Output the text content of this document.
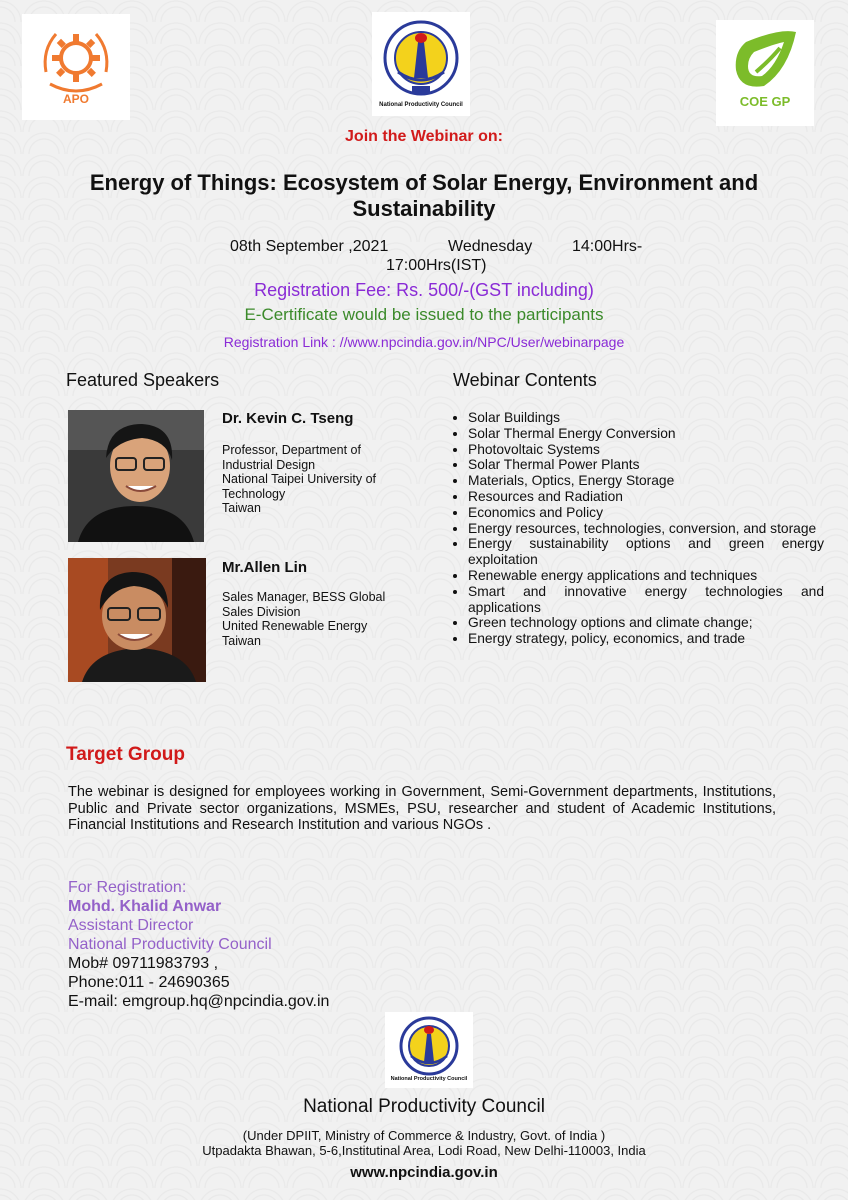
APO	National Productivity Council	COE GP
Join the Webinar on:
Energy of Things: Ecosystem of Solar Energy, Environment and Sustainability
08th September ,2021	Wednesday 14:00Hrs-
17:00Hrs(IST)
Registration Fee: Rs. 500/-(GST including)
E-Certificate would be issued to the participants
Registration Link : //www.npcindia.gov.in/NPC/User/webinarpage
Featured Speakers	Webinar Contents
Dr. Kevin C. Tseng
Professor, Department of
Industrial Design
National Taipei University of
Technology
Taiwan
Mr.Allen Lin
Sales Manager, BESS Global
Sales Division
United Renewable Energy
Taiwan
• Solar Buildings
• Solar Thermal Energy Conversion
• Photovoltaic Systems
• Solar Thermal Power Plants
• Materials, Optics, Energy Storage
• Resources and Radiation
• Economics and Policy
• Energy resources, technologies, conversion, and storage
• Energy sustainability options and green energy exploitation
• Renewable energy applications and techniques
• Smart and innovative energy technologies and applications
• Green technology options and climate change;
• Energy strategy, policy, economics, and trade
Target Group
The webinar is designed for employees working in Government, Semi-Government departments, Institutions, Public and Private sector organizations, MSMEs, PSU, researcher and student of Academic Institutions, Financial Institutions and Research Institution and various NGOs .
For Registration:
Mohd. Khalid Anwar
Assistant Director
National Productivity Council
Mob# 09711983793 ,
Phone:011 - 24690365
E-mail: emgroup.hq@npcindia.gov.in
National Productivity Council
National Productivity Council
(Under DPIIT, Ministry of Commerce & Industry, Govt. of India )
Utpadakta Bhawan, 5-6,Institutinal Area, Lodi Road, New Delhi-110003, India
www.npcindia.gov.in
